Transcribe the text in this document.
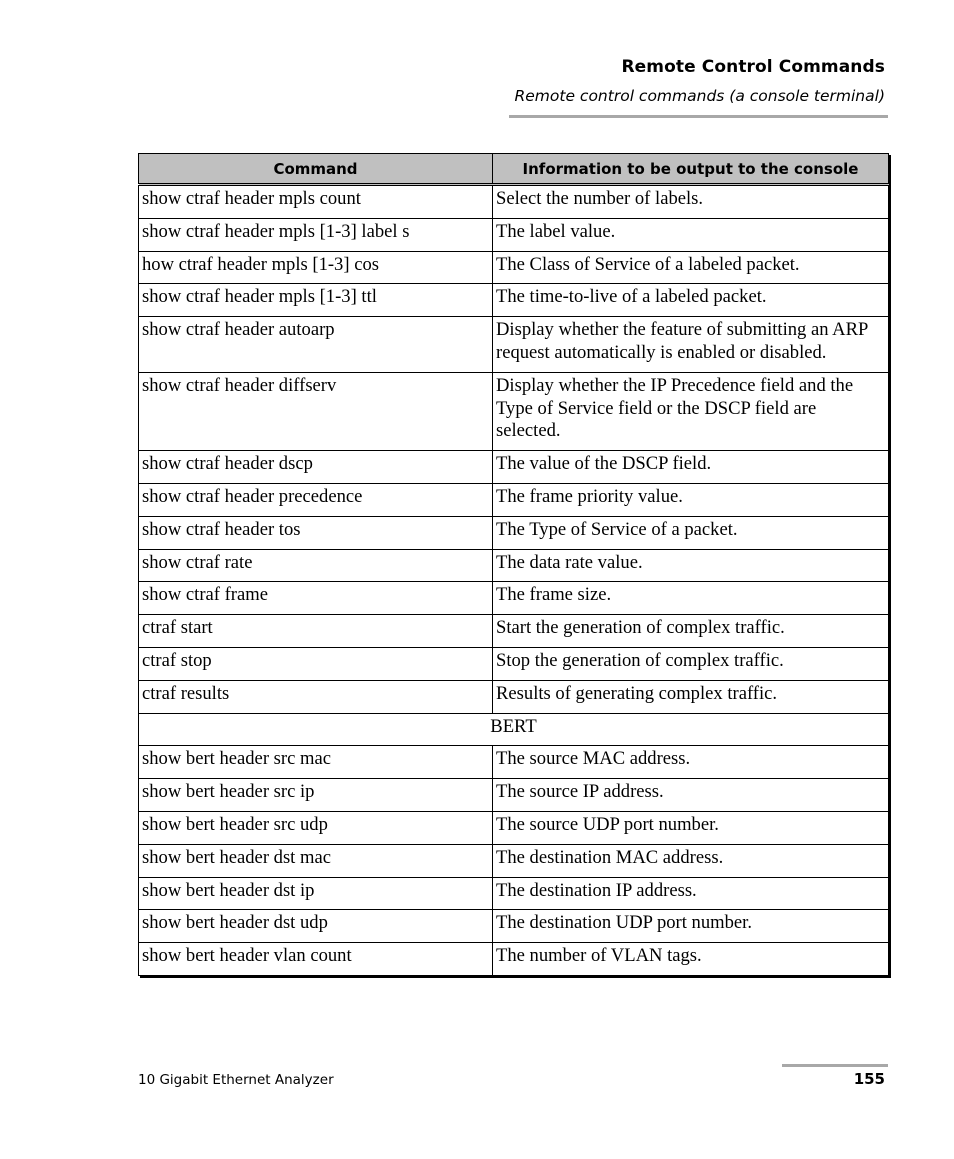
Remote Control Commands
Remote control commands (a console terminal)
Command	Information to be output to the console
show ctraf header mpls count	Select the number of labels.
show ctraf header mpls [1-3] label s	The label value.
how ctraf header mpls [1-3] cos	The Class of Service of a labeled packet.
show ctraf header mpls [1-3] ttl	The time-to-live of a labeled packet.
show ctraf header autoarp	Display whether the feature of submitting an ARP request automatically is enabled or disabled.
show ctraf header diffserv	Display whether the IP Precedence field and the Type of Service field or the DSCP field are selected.
show ctraf header dscp	The value of the DSCP field.
show ctraf header precedence	The frame priority value.
show ctraf header tos	The Type of Service of a packet.
show ctraf rate	The data rate value.
show ctraf frame	The frame size.
ctraf start	Start the generation of complex traffic.
ctraf stop	Stop the generation of complex traffic.
ctraf results	Results of generating complex traffic.
BERT	
show bert header src mac	The source MAC address.
show bert header src ip	The source IP address.
show bert header src udp	The source UDP port number.
show bert header dst mac	The destination MAC address.
show bert header dst ip	The destination IP address.
show bert header dst udp	The destination UDP port number.
show bert header vlan count	The number of VLAN tags.
10 Gigabit Ethernet Analyzer	155
